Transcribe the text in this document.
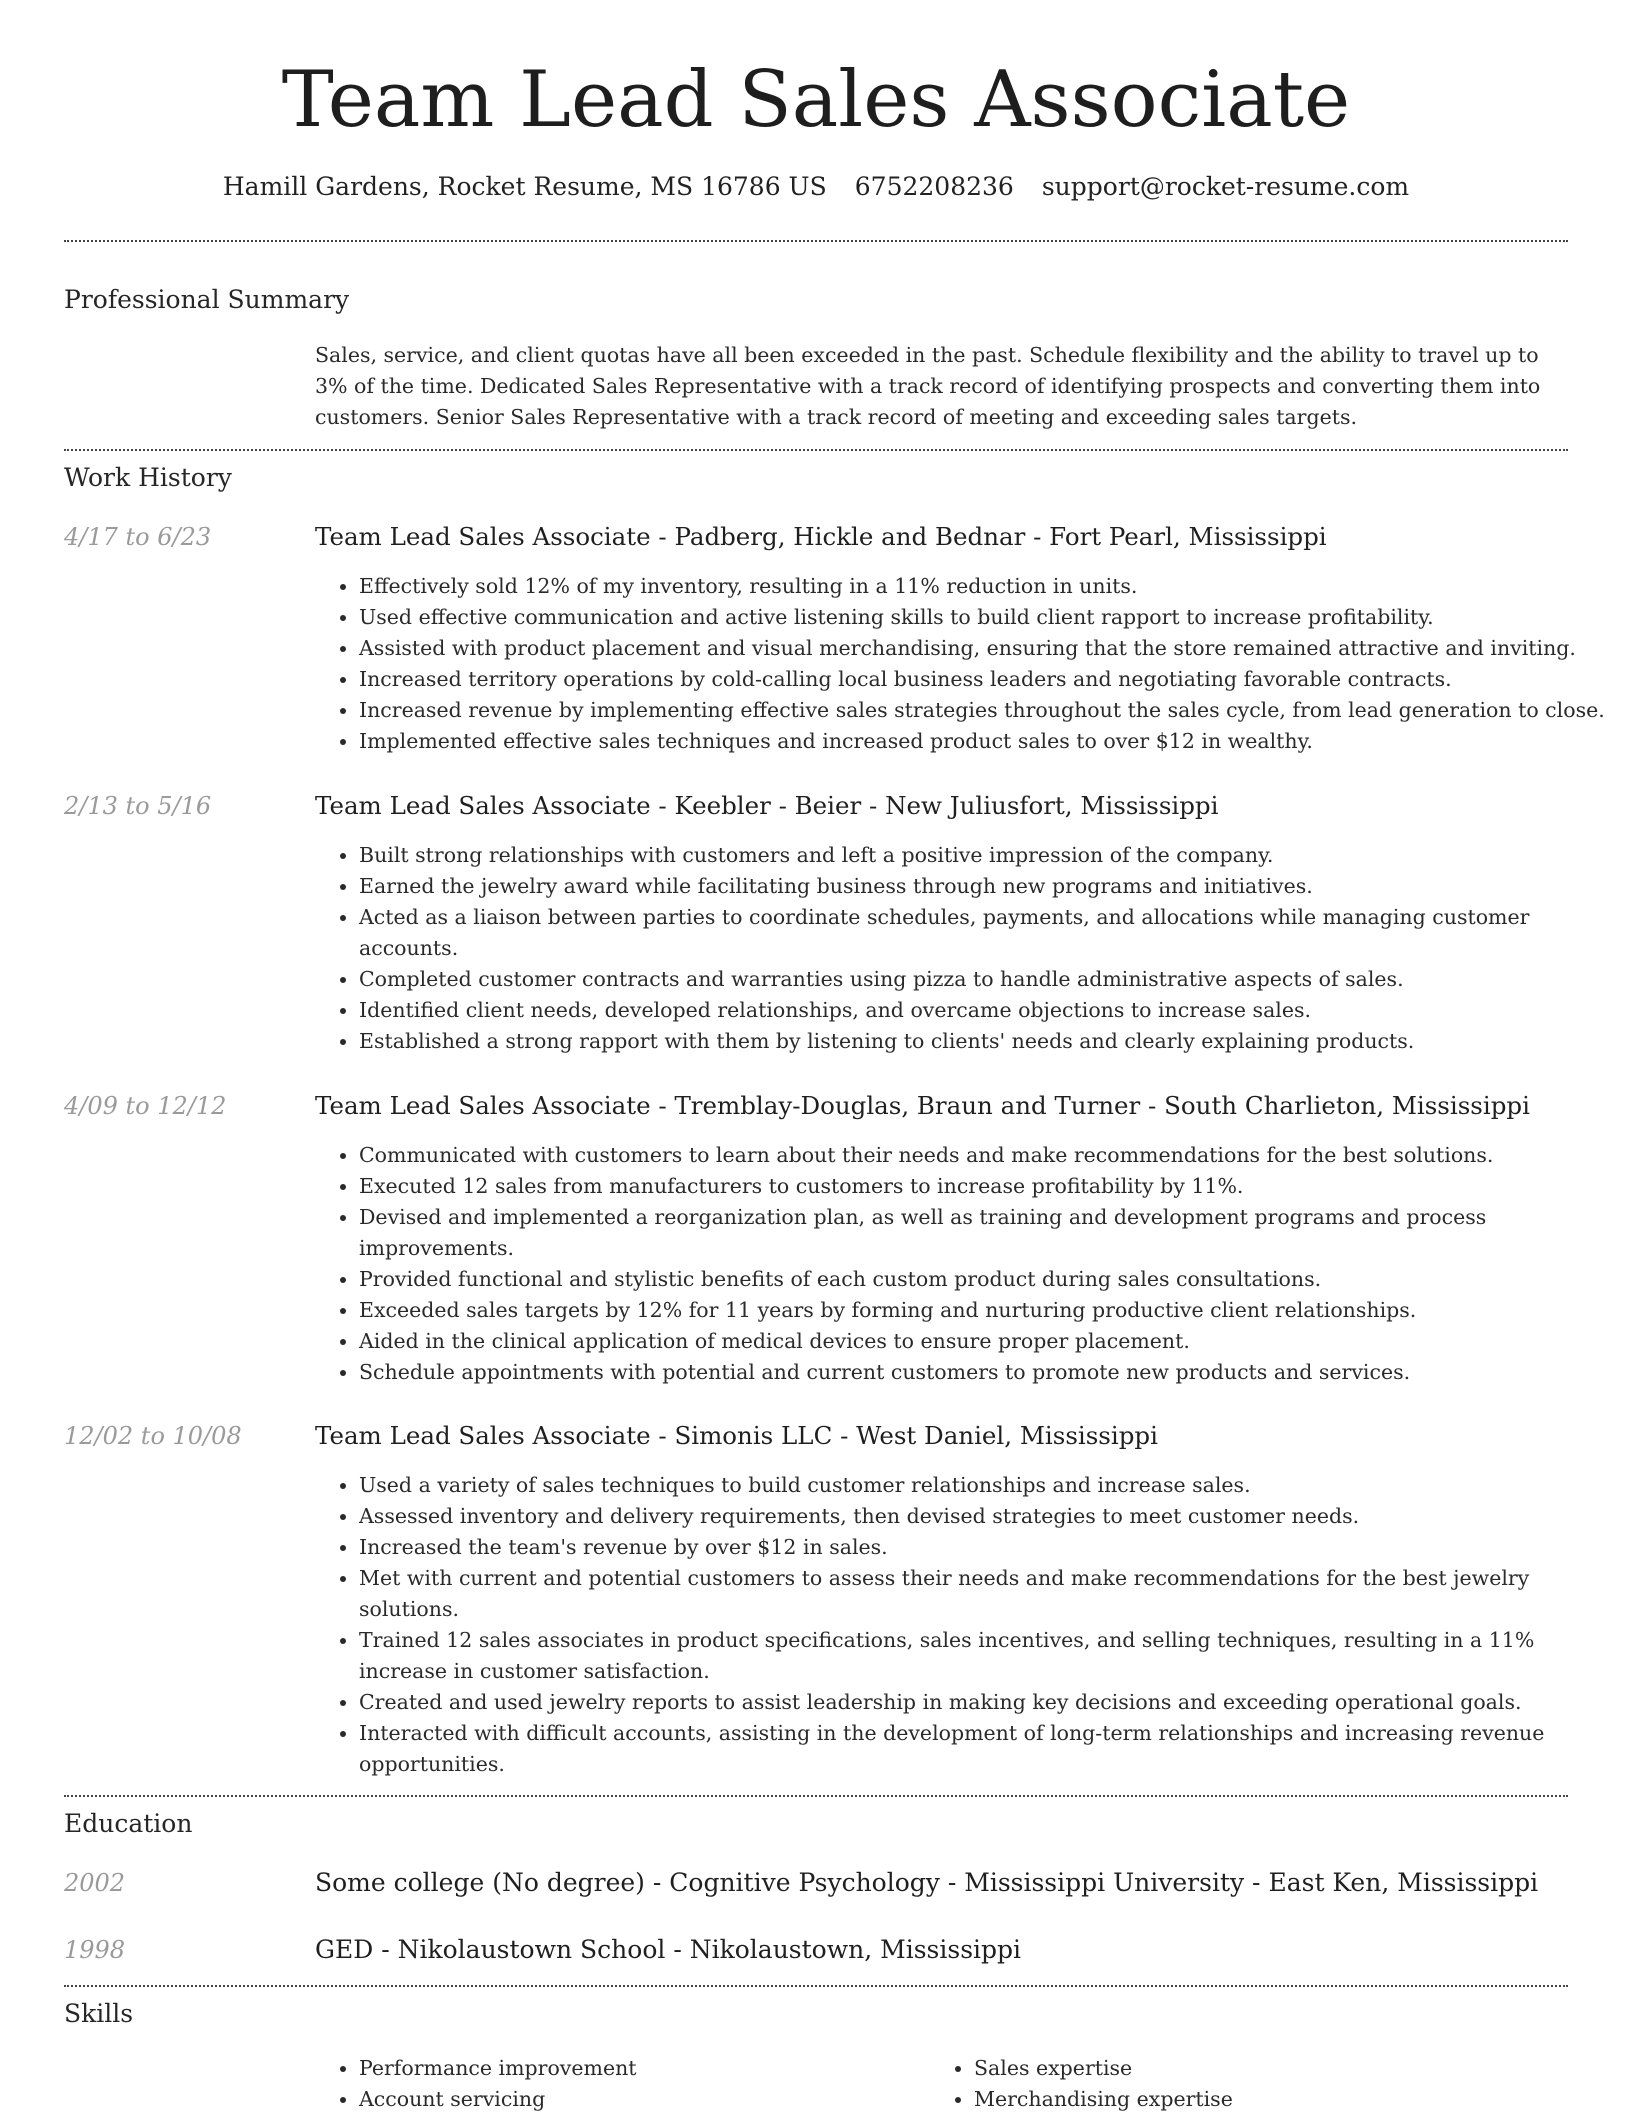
Team Lead Sales Associate
Hamill Gardens, Rocket Resume, MS 16786 US 6752208236 support@rocket-resume.com
Professional Summary

Sales, service, and client quotas have all been exceeded in the past. Schedule flexibility and the ability to travel up to 3% of the time. Dedicated Sales Representative with a track record of identifying prospects and converting them into customers. Senior Sales Representative with a track record of meeting and exceeding sales targets.

Work History
4/17 to 6/23	Team Lead Sales Associate - Padberg, Hickle and Bednar - Fort Pearl, Mississippi
• Effectively sold 12% of my inventory, resulting in a 11% reduction in units.
• Used effective communication and active listening skills to build client rapport to increase profitability.
• Assisted with product placement and visual merchandising, ensuring that the store remained attractive and inviting.
• Increased territory operations by cold-calling local business leaders and negotiating favorable contracts.
• Increased revenue by implementing effective sales strategies throughout the sales cycle, from lead generation to close.
• Implemented effective sales techniques and increased product sales to over $12 in wealthy.
2/13 to 5/16	Team Lead Sales Associate - Keebler - Beier - New Juliusfort, Mississippi
• Built strong relationships with customers and left a positive impression of the company.
• Earned the jewelry award while facilitating business through new programs and initiatives.
• Acted as a liaison between parties to coordinate schedules, payments, and allocations while managing customer accounts.
• Completed customer contracts and warranties using pizza to handle administrative aspects of sales.
• Identified client needs, developed relationships, and overcame objections to increase sales.
• Established a strong rapport with them by listening to clients' needs and clearly explaining products.
4/09 to 12/12	Team Lead Sales Associate - Tremblay-Douglas, Braun and Turner - South Charlieton, Mississippi
• Communicated with customers to learn about their needs and make recommendations for the best solutions.
• Executed 12 sales from manufacturers to customers to increase profitability by 11%.
• Devised and implemented a reorganization plan, as well as training and development programs and process improvements.
• Provided functional and stylistic benefits of each custom product during sales consultations.
• Exceeded sales targets by 12% for 11 years by forming and nurturing productive client relationships.
• Aided in the clinical application of medical devices to ensure proper placement.
• Schedule appointments with potential and current customers to promote new products and services.
12/02 to 10/08	Team Lead Sales Associate - Simonis LLC - West Daniel, Mississippi
• Used a variety of sales techniques to build customer relationships and increase sales.
• Assessed inventory and delivery requirements, then devised strategies to meet customer needs.
• Increased the team's revenue by over $12 in sales.
• Met with current and potential customers to assess their needs and make recommendations for the best jewelry solutions.
• Trained 12 sales associates in product specifications, sales incentives, and selling techniques, resulting in a 11% increase in customer satisfaction.
• Created and used jewelry reports to assist leadership in making key decisions and exceeding operational goals.
• Interacted with difficult accounts, assisting in the development of long-term relationships and increasing revenue opportunities.
Education
2002	Some college (No degree) - Cognitive Psychology - Mississippi University - East Ken, Mississippi
1998	GED - Nikolaustown School - Nikolaustown, Mississippi
Skills
• Performance improvement
• Account servicing
• Sales expertise
• Merchandising expertise
